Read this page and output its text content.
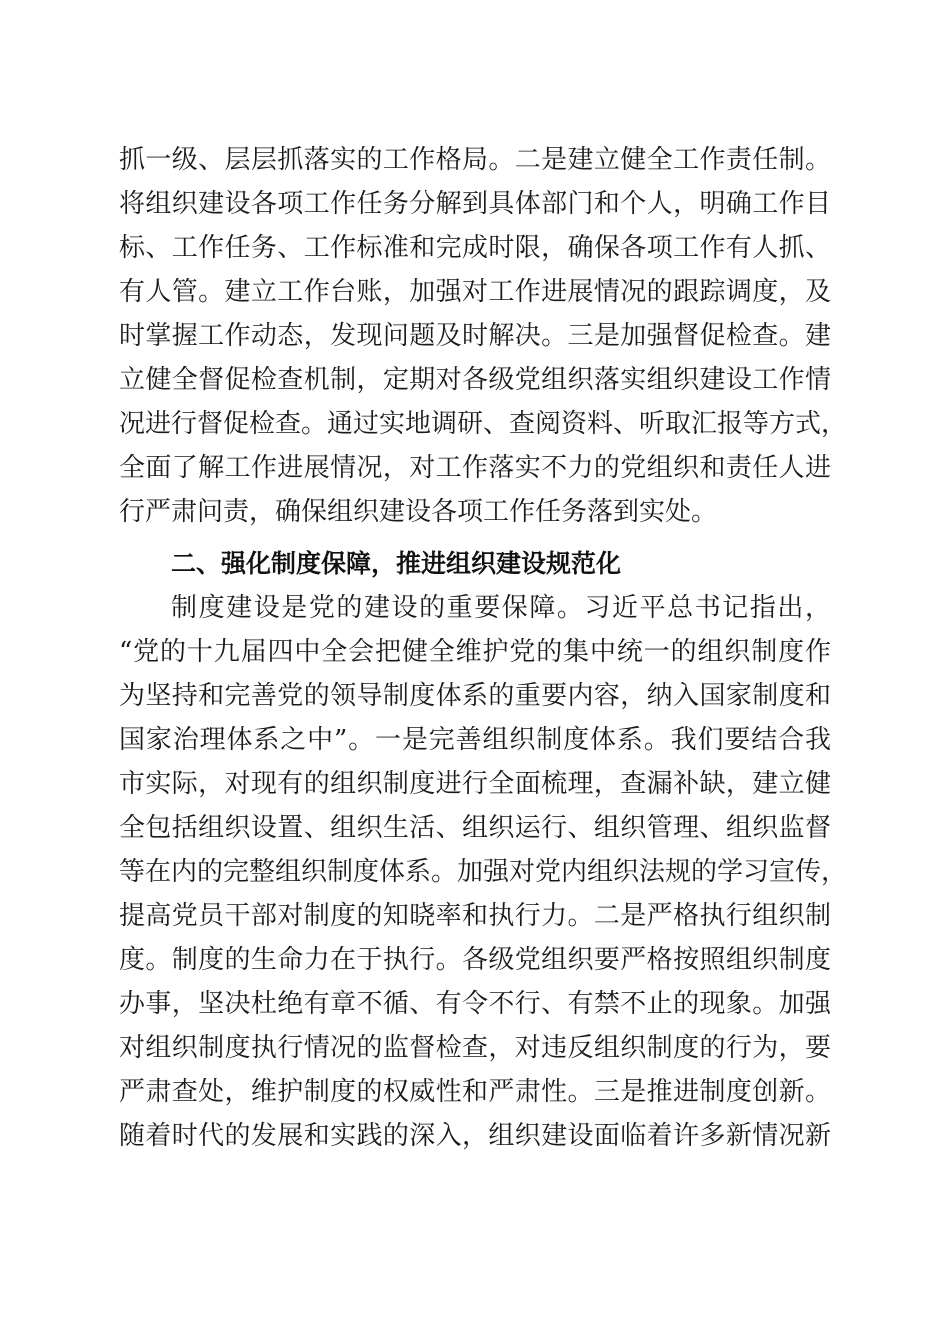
抓一级、层层抓落实的工作格局。二是建立健全工作责任制。
将组织建设各项工作任务分解到具体部门和个人，明确工作目
标、工作任务、工作标准和完成时限，确保各项工作有人抓、
有人管。建立工作台账，加强对工作进展情况的跟踪调度，及
时掌握工作动态，发现问题及时解决。三是加强督促检查。建
立健全督促检查机制，定期对各级党组织落实组织建设工作情
况进行督促检查。通过实地调研、查阅资料、听取汇报等方式，
全面了解工作进展情况，对工作落实不力的党组织和责任人进
行严肃问责，确保组织建设各项工作任务落到实处。
二、强化制度保障，推进组织建设规范化
制度建设是党的建设的重要保障。习近平总书记指出，
“党的十九届四中全会把健全维护党的集中统一的组织制度作
为坚持和完善党的领导制度体系的重要内容，纳入国家制度和
国家治理体系之中”。一是完善组织制度体系。我们要结合我
市实际，对现有的组织制度进行全面梳理，查漏补缺，建立健
全包括组织设置、组织生活、组织运行、组织管理、组织监督
等在内的完整组织制度体系。加强对党内组织法规的学习宣传，
提高党员干部对制度的知晓率和执行力。二是严格执行组织制
度。制度的生命力在于执行。各级党组织要严格按照组织制度
办事，坚决杜绝有章不循、有令不行、有禁不止的现象。加强
对组织制度执行情况的监督检查，对违反组织制度的行为，要
严肃查处，维护制度的权威性和严肃性。三是推进制度创新。
随着时代的发展和实践的深入，组织建设面临着许多新情况新
